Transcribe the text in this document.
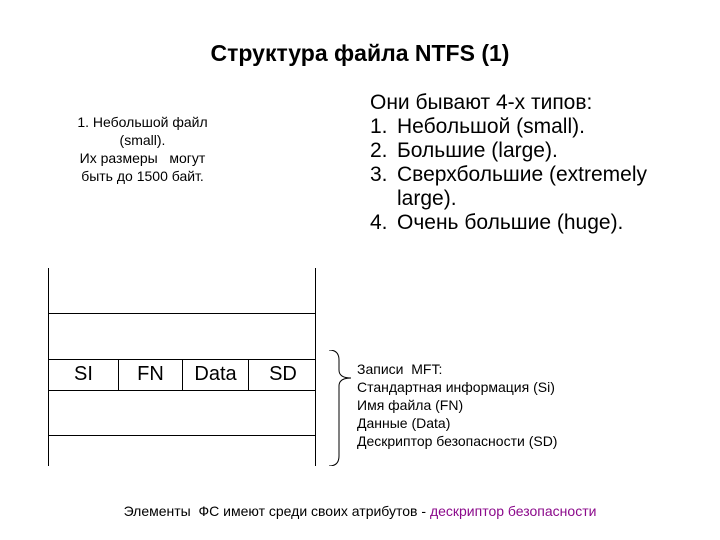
Структура файла NTFS (1)
1. Небольшой файл
(small).
Их размеры   могут
быть до 1500 байт.
Они бывают 4-х типов:
1. Небольшой (small).
2. Большие (large).
3. Сверхбольшие (extremely large).
4. Очень большие (huge).
SI	FN	Data	SD	Записи  MFT:
Стандартная информация (Si)
Имя файла (FN)
Данные (Data)
Дескриптор безопасности (SD)
Элементы  ФС имеют среди своих атрибутов - дескриптор безопасности
